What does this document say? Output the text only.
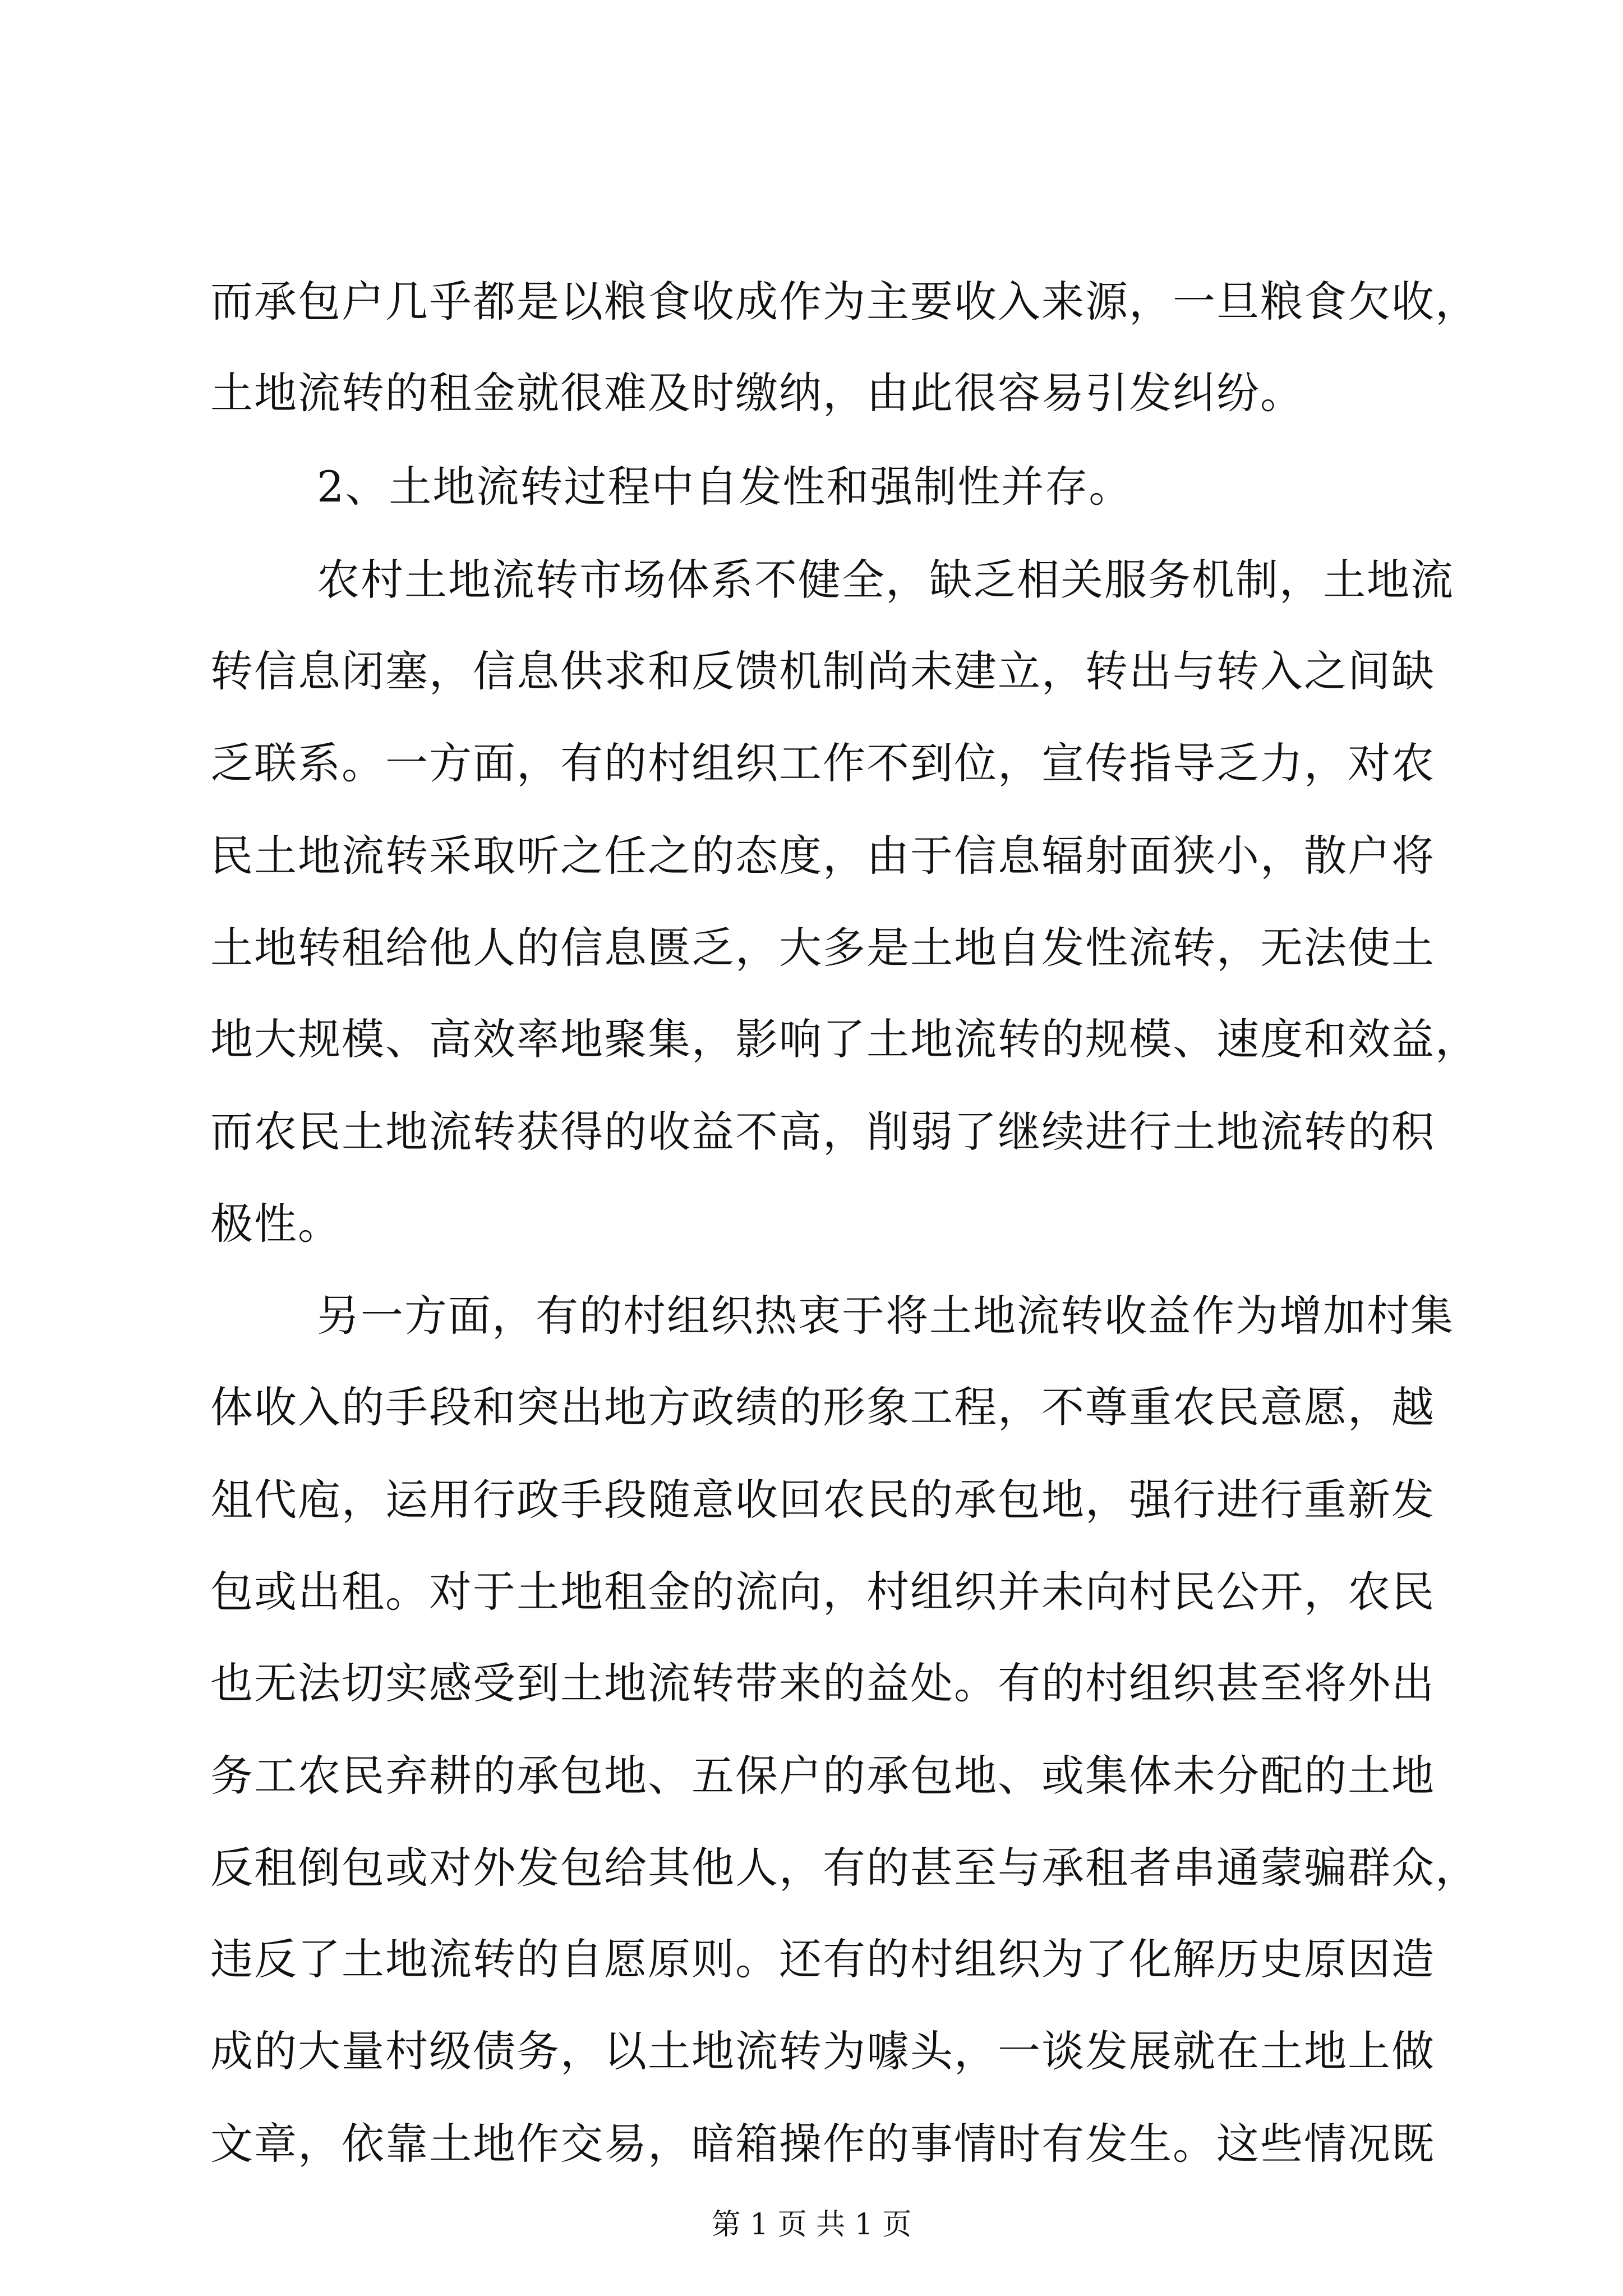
而承包户几乎都是以粮食收成作为主要收入来源，一旦粮食欠收，
土地流转的租金就很难及时缴纳，由此很容易引发纠纷。
2、土地流转过程中自发性和强制性并存。
农村土地流转市场体系不健全，缺乏相关服务机制，土地流
转信息闭塞，信息供求和反馈机制尚未建立，转出与转入之间缺
乏联系。一方面，有的村组织工作不到位，宣传指导乏力，对农
民土地流转采取听之任之的态度，由于信息辐射面狭小，散户将
土地转租给他人的信息匮乏，大多是土地自发性流转，无法使土
地大规模、高效率地聚集，影响了土地流转的规模、速度和效益，
而农民土地流转获得的收益不高，削弱了继续进行土地流转的积
极性。
另一方面，有的村组织热衷于将土地流转收益作为增加村集
体收入的手段和突出地方政绩的形象工程，不尊重农民意愿，越
俎代庖，运用行政手段随意收回农民的承包地，强行进行重新发
包或出租。对于土地租金的流向，村组织并未向村民公开，农民
也无法切实感受到土地流转带来的益处。有的村组织甚至将外出
务工农民弃耕的承包地、五保户的承包地、或集体未分配的土地
反租倒包或对外发包给其他人，有的甚至与承租者串通蒙骗群众，
违反了土地流转的自愿原则。还有的村组织为了化解历史原因造
成的大量村级债务，以土地流转为噱头，一谈发展就在土地上做
文章，依靠土地作交易，暗箱操作的事情时有发生。这些情况既
第 1 页 共 1 页
